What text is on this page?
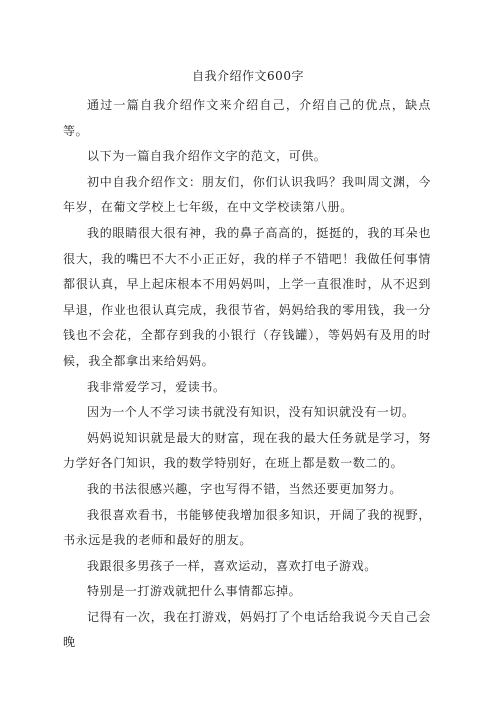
自我介绍作文600字

通过一篇自我介绍作文来介绍自己，介绍自己的优点，缺点等。

以下为一篇自我介绍作文字的范文，可供。

初中自我介绍作文：朋友们，你们认识我吗？我叫周文渊，今年岁，在葡文学校上七年级，在中文学校读第八册。

我的眼睛很大很有神，我的鼻子高高的，挺挺的，我的耳朵也很大，我的嘴巴不大不小正正好，我的样子不错吧！我做任何事情都很认真，早上起床根本不用妈妈叫，上学一直很准时，从不迟到早退，作业也很认真完成，我很节省，妈妈给我的零用钱，我一分钱也不会花，全都存到我的小银行（存钱罐），等妈妈有及用的时候，我全都拿出来给妈妈。

我非常爱学习，爱读书。

因为一个人不学习读书就没有知识，没有知识就没有一切。

妈妈说知识就是最大的财富，现在我的最大任务就是学习，努力学好各门知识，我的数学特别好，在班上都是数一数二的。

我的书法很感兴趣，字也写得不错，当然还要更加努力。

我很喜欢看书，书能够使我增加很多知识，开阔了我的视野，书永远是我的老师和最好的朋友。

我跟很多男孩子一样，喜欢运动，喜欢打电子游戏。

特别是一打游戏就把什么事情都忘掉。

记得有一次，我在打游戏，妈妈打了个电话给我说今天自己会晚
